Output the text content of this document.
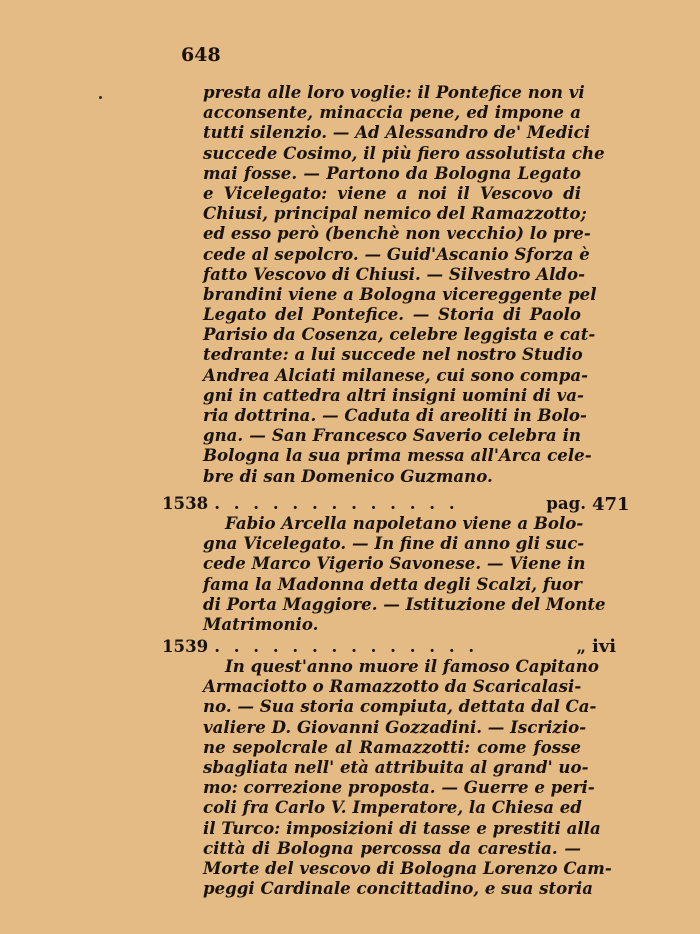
648
presta alle loro voglie: il Pontefice non vi
acconsente, minaccia pene, ed impone a
tutti silenzio. — Ad Alessandro de' Medici
succede Cosimo, il più fiero assolutista che
mai fosse. — Partono da Bologna Legato
e Vicelegato: viene a noi il Vescovo di
Chiusi, principal nemico del Ramazzotto;
ed esso però (benchè non vecchio) lo pre-
cede al sepolcro. — Guid'Ascanio Sforza è
fatto Vescovo di Chiusi. — Silvestro Aldo-
brandini viene a Bologna vicereggente pel
Legato del Pontefice. — Storia di Paolo
Parisio da Cosenza, celebre leggista e cat-
tedrante: a lui succede nel nostro Studio
Andrea Alciati milanese, cui sono compa-
gni in cattedra altri insigni uomini di va-
ria dottrina. — Caduta di areoliti in Bolo-
gna. — San Francesco Saverio celebra in
Bologna la sua prima messa all'Arca cele-
bre di san Domenico Guzmano.
1538 . . . . . . . . . . . . .	pag. 471
Fabio Arcella napoletano viene a Bolo-
gna Vicelegato. — In fine di anno gli suc-
cede Marco Vigerio Savonese. — Viene in
fama la Madonna detta degli Scalzi, fuor
di Porta Maggiore. — Istituzione del Monte
Matrimonio.
1539 . . . . . . . . . . . . . .	„ ivi
In quest'anno muore il famoso Capitano
Armaciotto o Ramazzotto da Scaricalasi-
no. — Sua storia compiuta, dettata dal Ca-
valiere D. Giovanni Gozzadini. — Iscrizio-
ne sepolcrale al Ramazzotti: come fosse
sbagliata nell' età attribuita al grand' uo-
mo: correzione proposta. — Guerre e peri-
coli fra Carlo V. Imperatore, la Chiesa ed
il Turco: imposizioni di tasse e prestiti alla
città di Bologna percossa da carestia. —
Morte del vescovo di Bologna Lorenzo Cam-
peggi Cardinale concittadino, e sua storia
